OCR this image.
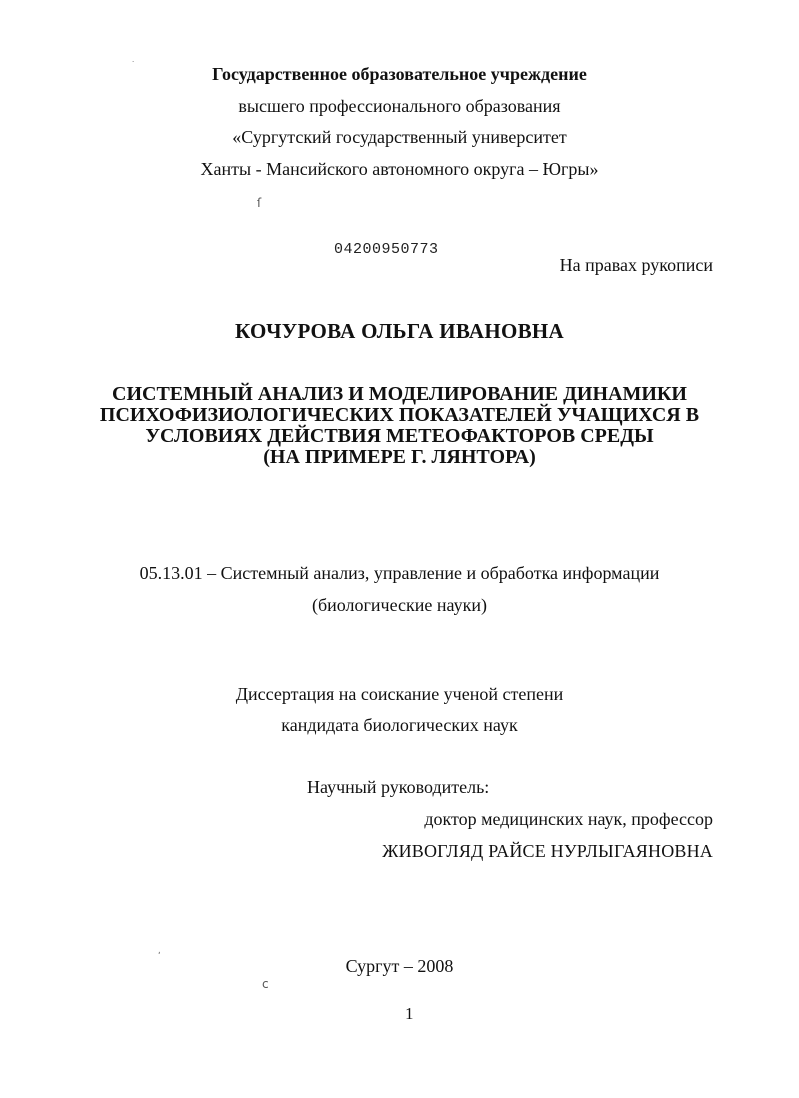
Государственное образовательное учреждение
высшего профессионального образования
«Сургутский государственный университет
Ханты - Мансийского автономного округа – Югры»
·
ſ
ʹ
ᴄ
04200950773
На правах рукописи
КОЧУРОВА ОЛЬГА ИВАНОВНА
СИСТЕМНЫЙ АНАЛИЗ И МОДЕЛИРОВАНИЕ ДИНАМИКИ
ПСИХОФИЗИОЛОГИЧЕСКИХ ПОКАЗАТЕЛЕЙ УЧАЩИХСЯ В
УСЛОВИЯХ ДЕЙСТВИЯ МЕТЕОФАКТОРОВ СРЕДЫ
(НА ПРИМЕРЕ Г. ЛЯНТОРА)
05.13.01 – Системный анализ, управление и обработка информации
(биологические науки)
Диссертация на соискание ученой степени
кандидата биологических наук
Научный руководитель:
доктор медицинских наук, профессор
ЖИВОГЛЯД РАЙСЕ НУРЛЫГАЯНОВНА
Сургут – 2008
1
